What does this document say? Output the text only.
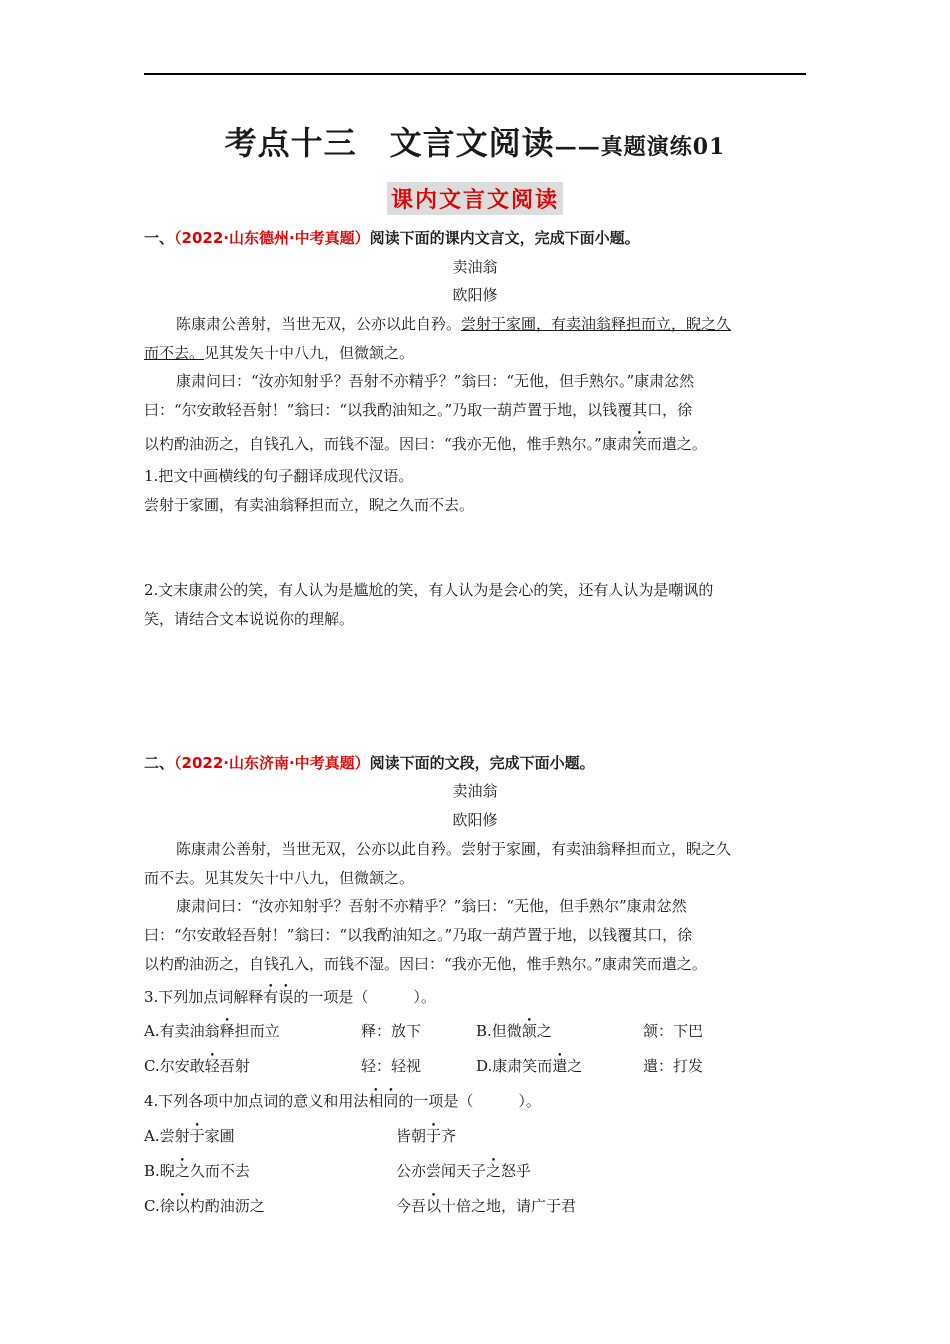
考点十三　文言文阅读——真题演练01
课内文言文阅读
一、（2022·山东德州·中考真题）阅读下面的课内文言文，完成下面小题。
卖油翁
欧阳修
陈康肃公善射，当世无双，公亦以此自矜。尝射于家圃，有卖油翁释担而立，睨之久
而不去。见其发矢十中八九，但微颔之。
康肃问曰：“汝亦知射乎？吾射不亦精乎？”翁曰：“无他，但手熟尔。”康肃忿然
曰：“尔安敢轻吾射！”翁曰：“以我酌油知之。”乃取一葫芦置于地，以钱覆其口，徐
以杓酌油沥之，自钱孔入，而钱不湿。因曰：“我亦无他，惟手熟尔。”康肃笑而遣之。
1.把文中画横线的句子翻译成现代汉语。
尝射于家圃，有卖油翁释担而立，睨之久而不去。
2.文末康肃公的笑，有人认为是尴尬的笑，有人认为是会心的笑，还有人认为是嘲讽的
笑，请结合文本说说你的理解。
二、（2022·山东济南·中考真题）阅读下面的文段，完成下面小题。
卖油翁
欧阳修
陈康肃公善射，当世无双，公亦以此自矜。尝射于家圃，有卖油翁释担而立，睨之久
而不去。见其发矢十中八九，但微颔之。
康肃问曰：“汝亦知射乎？吾射不亦精乎？”翁曰：“无他，但手熟尔”康肃忿然
曰：“尔安敢轻吾射！”翁曰：“以我酌油知之。”乃取一葫芦置于地，以钱覆其口，徐
以杓酌油沥之，自钱孔入，而钱不湿。因曰：“我亦无他，惟手熟尔。”康肃笑而遣之。
3.下列加点词解释有误的一项是（　　　）。
A.有卖油翁释担而立	释：放下	B.但微颔之	颔：下巴
C.尔安敢轻吾射	轻：轻视	D.康肃笑而遣之	遣：打发
4.下列各项中加点词的意义和用法相同的一项是（　　　）。
A.尝射于家圃	皆朝于齐
B.睨之久而不去	公亦尝闻天子之怒乎
C.徐以杓酌油沥之	今吾以十倍之地，请广于君
